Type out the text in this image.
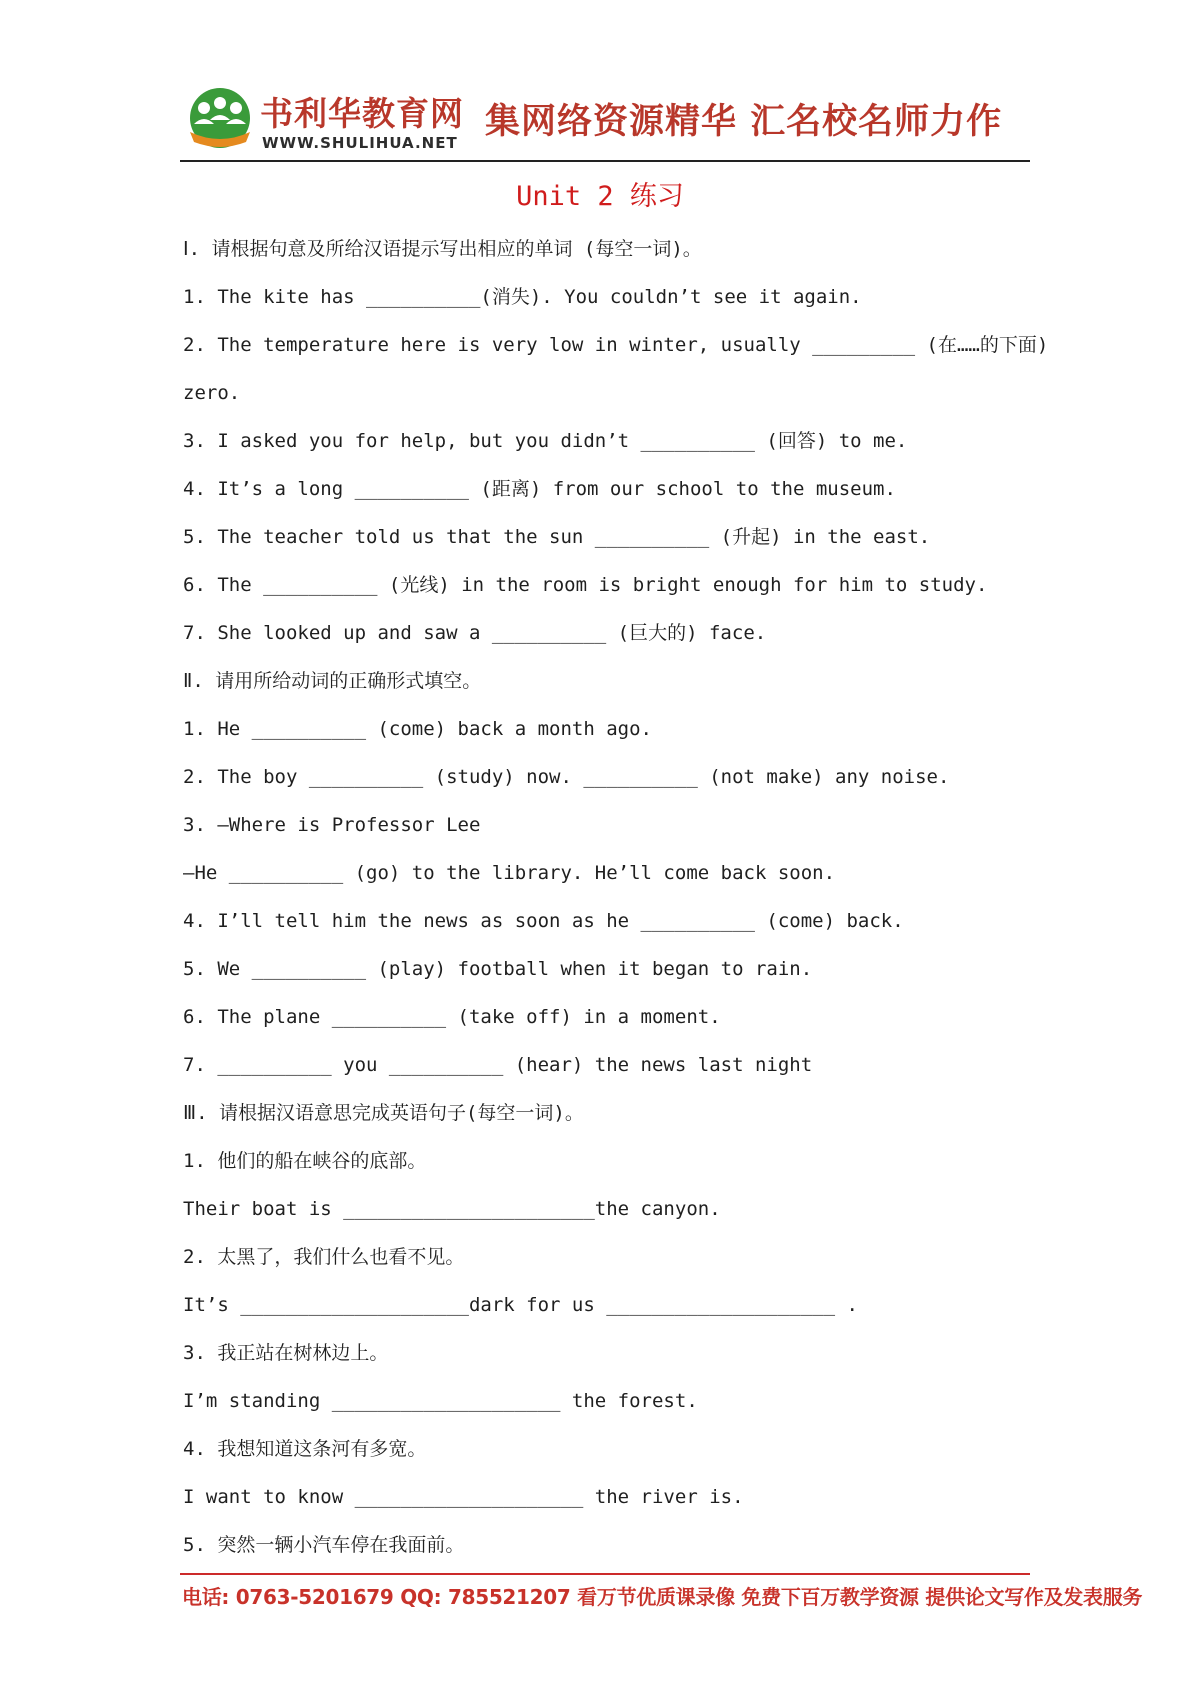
书利华教育网
WWW.SHULIHUA.NET
集网络资源精华 汇名校名师力作
Unit 2 练习
Ⅰ. 请根据句意及所给汉语提示写出相应的单词 (每空一词)。
1. The kite has __________(消失). You couldn’t see it again.
2. The temperature here is very low in winter, usually _________ (在……的下面)
zero.
3. I asked you for help, but you didn’t __________ (回答) to me.
4. It’s a long __________ (距离) from our school to the museum.
5. The teacher told us that the sun __________ (升起) in the east.
6. The __________ (光线) in the room is bright enough for him to study.
7. She looked up and saw a __________ (巨大的) face.
Ⅱ. 请用所给动词的正确形式填空。
1. He __________ (come) back a month ago.
2. The boy __________ (study) now. __________ (not make) any noise.
3. —Where is Professor Lee
—He __________ (go) to the library. He’ll come back soon.
4. I’ll tell him the news as soon as he __________ (come) back.
5. We __________ (play) football when it began to rain.
6. The plane __________ (take off) in a moment.
7. __________ you __________ (hear) the news last night
Ⅲ. 请根据汉语意思完成英语句子(每空一词)。
1. 他们的船在峡谷的底部。
Their boat is ______________________the canyon.
2. 太黑了，我们什么也看不见。
It’s ____________________dark for us ____________________ .
3. 我正站在树林边上。
I’m standing ____________________ the forest.
4. 我想知道这条河有多宽。
I want to know ____________________ the river is.
5. 突然一辆小汽车停在我面前。
电话: 0763-5201679 QQ: 785521207 看万节优质课录像 免费下百万教学资源 提供论文写作及发表服务
